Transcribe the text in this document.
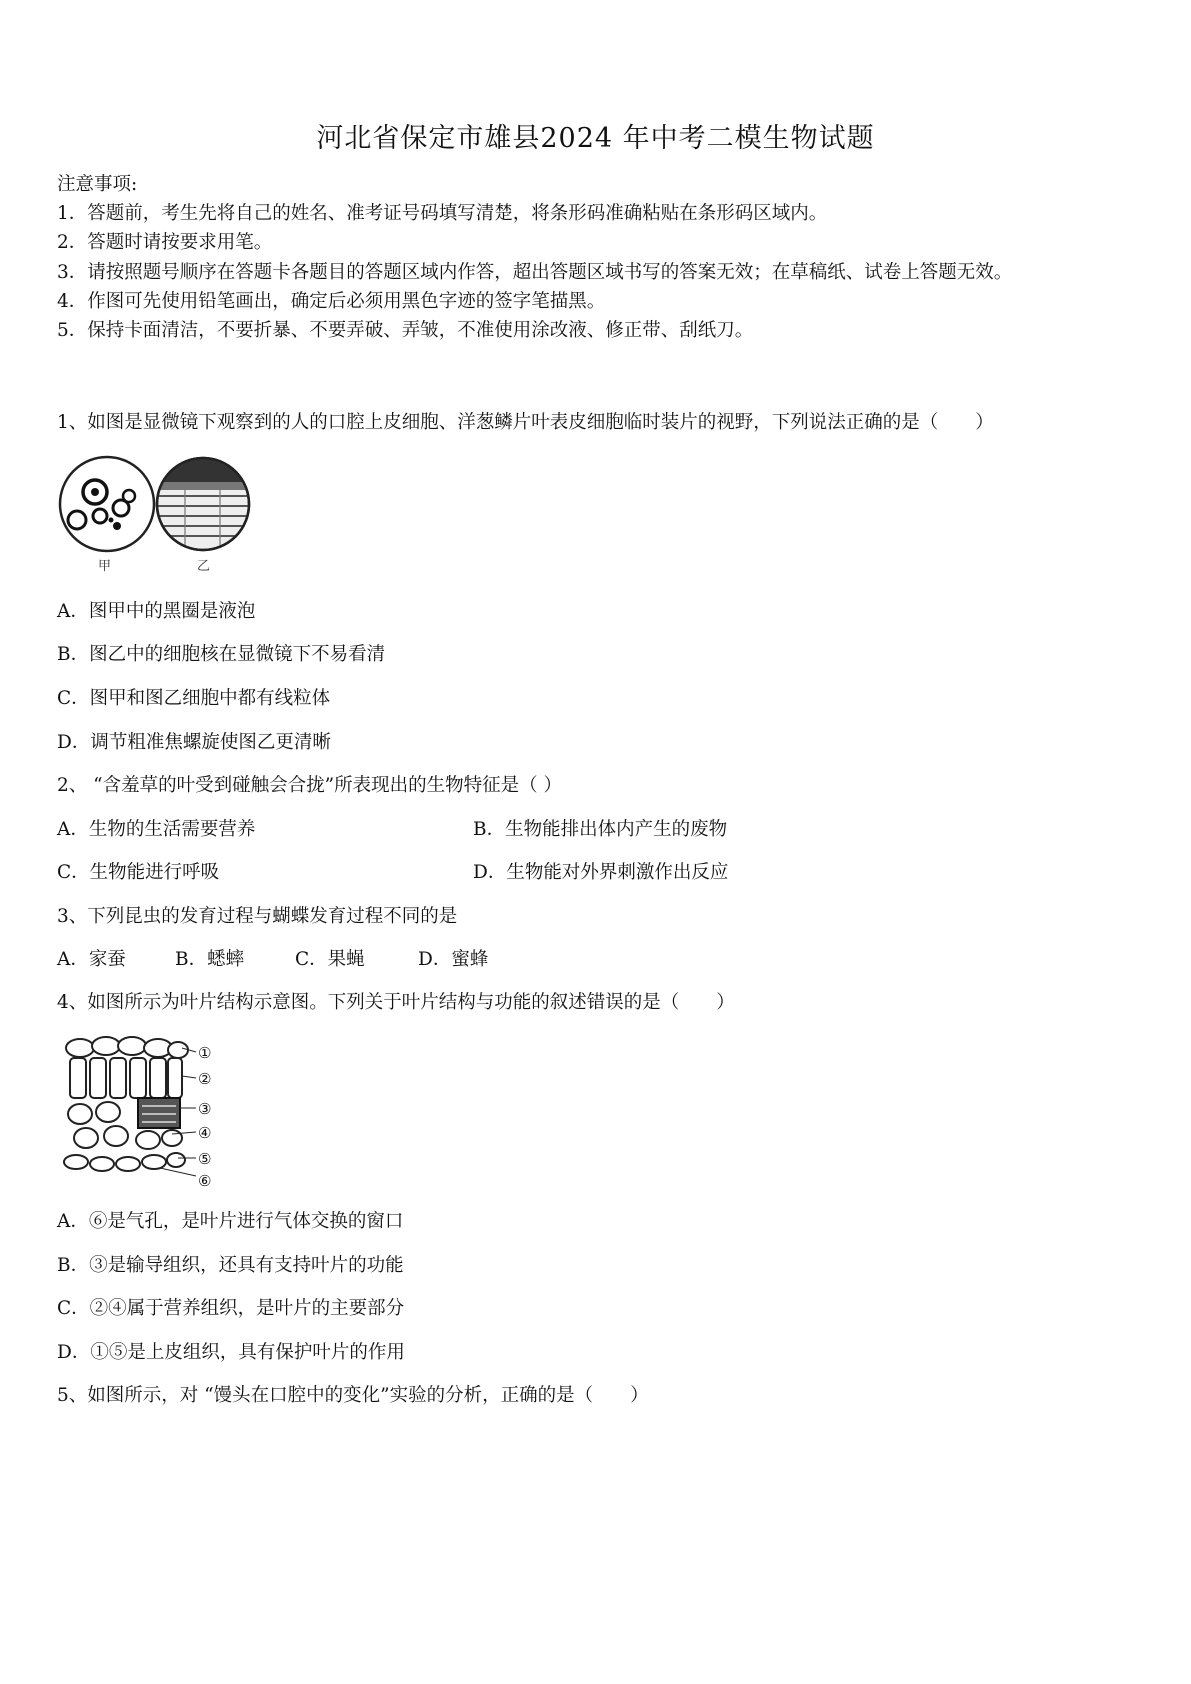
河北省保定市雄县2024 年中考二模生物试题
注意事项:
1．答题前，考生先将自己的姓名、准考证号码填写清楚，将条形码准确粘贴在条形码区域内。
2．答题时请按要求用笔。
3．请按照题号顺序在答题卡各题目的答题区域内作答，超出答题区域书写的答案无效；在草稿纸、试卷上答题无效。
4．作图可先使用铅笔画出，确定后必须用黑色字迹的签字笔描黑。
5．保持卡面清洁，不要折暴、不要弄破、弄皱，不准使用涂改液、修正带、刮纸刀。
1、如图是显微镜下观察到的人的口腔上皮细胞、洋葱鳞片叶表皮细胞临时装片的视野，下列说法正确的是（　　）
甲	乙
A．图甲中的黑圈是液泡
B．图乙中的细胞核在显微镜下不易看清
C．图甲和图乙细胞中都有线粒体
D．调节粗准焦螺旋使图乙更清晰
2、 “含羞草的叶受到碰触会合拢”所表现出的生物特征是（ ）
A．生物的生活需要营养	B．生物能排出体内产生的废物
C．生物能进行呼吸	D．生物能对外界刺激作出反应
3、下列昆虫的发育过程与蝴蝶发育过程不同的是
A．家蚕	B．蟋蟀	C．果蝇	D．蜜蜂
4、如图所示为叶片结构示意图。下列关于叶片结构与功能的叙述错误的是（　　）
①
②
③
④
⑤
⑥
A．⑥是气孔，是叶片进行气体交换的窗口
B．③是输导组织，还具有支持叶片的功能
C．②④属于营养组织，是叶片的主要部分
D．①⑤是上皮组织，具有保护叶片的作用
5、如图所示，对 “馒头在口腔中的变化”实验的分析，正确的是（　　）
